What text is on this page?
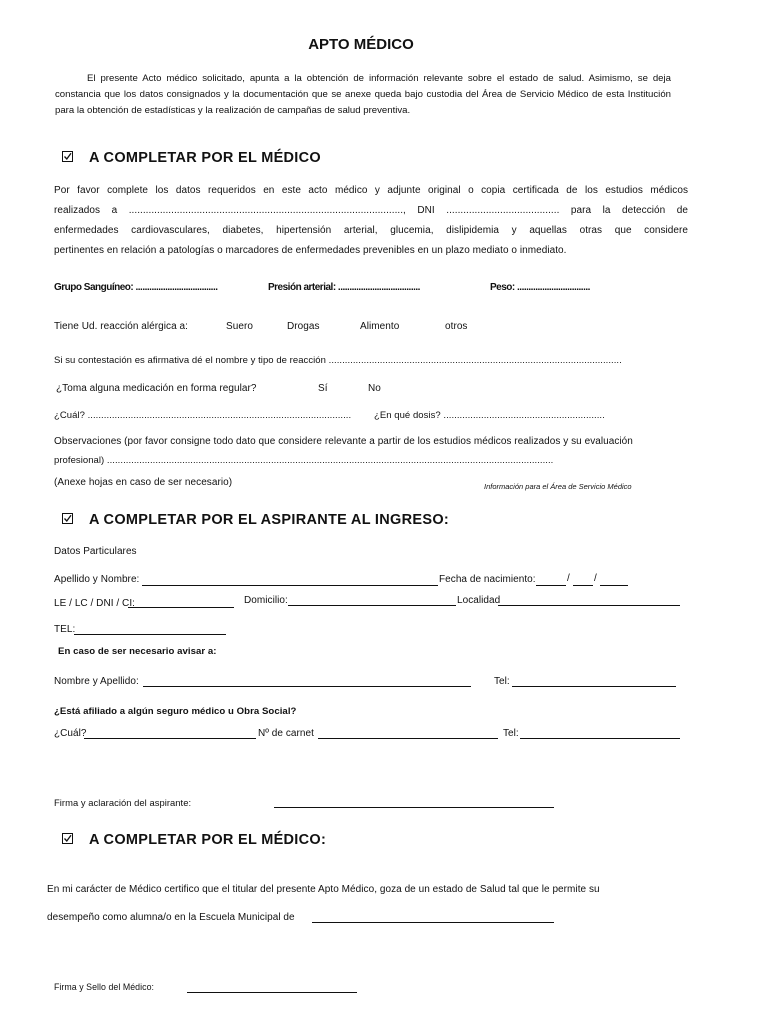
APTO MÉDICO
El presente Acto médico solicitado, apunta a la obtención de información relevante sobre el estado de salud. Asimismo, se deja constancia que los datos consignados y la documentación que se anexe queda bajo custodia del Área de Servicio Médico de esta Institución para la obtención de estadísticas y la realización de campañas de salud preventiva.
A COMPLETAR POR EL MÉDICO
Por favor complete los datos requeridos en este acto médico y adjunte original o copia certificada de los estudios médicos
realizados a ................................................................................................., DNI ........................................ para la detección de
enfermedades cardiovasculares, diabetes, hipertensión arterial, glucemia, dislipidemia y aquellas otras que considere
pertinentes en relación a patologías o marcadores de enfermedades prevenibles en un plazo mediato o inmediato.
Grupo Sanguíneo: ....................................	Presión arterial: ....................................	Peso: ................................
Tiene Ud. reacción alérgica a:	Suero	Drogas	Alimento	otros
Si su contestación es afirmativa dé el nombre y tipo de reacción .............................................................................................................
¿Toma alguna medicación en forma regular?	Sí	No
¿Cuál? .................................................................................................. ¿En qué dosis? ............................................................
Observaciones (por favor consigne todo dato que considere relevante a partir de los estudios médicos realizados y su evaluación
profesional) ......................................................................................................................................................................
(Anexe hojas en caso de ser necesario)	Información para el Área de Servicio Médico
A COMPLETAR POR EL ASPIRANTE AL INGRESO:
Datos Particulares
Apellido y Nombre:	Fecha de nacimiento:	/ /
LE / LC / DNI / CI:	Domicilio:	Localidad
TEL:
En caso de ser necesario avisar a:
Nombre y Apellido:	Tel:
¿Está afiliado a algún seguro médico u Obra Social?
¿Cuál?	Nº de carnet	Tel:
Firma y aclaración del aspirante:
A COMPLETAR POR EL MÉDICO:
En mi carácter de Médico certifico que el titular del presente Apto Médico, goza de un estado de Salud tal que le permite su
desempeño como alumna/o en la Escuela Municipal de
Firma y Sello del Médico:
